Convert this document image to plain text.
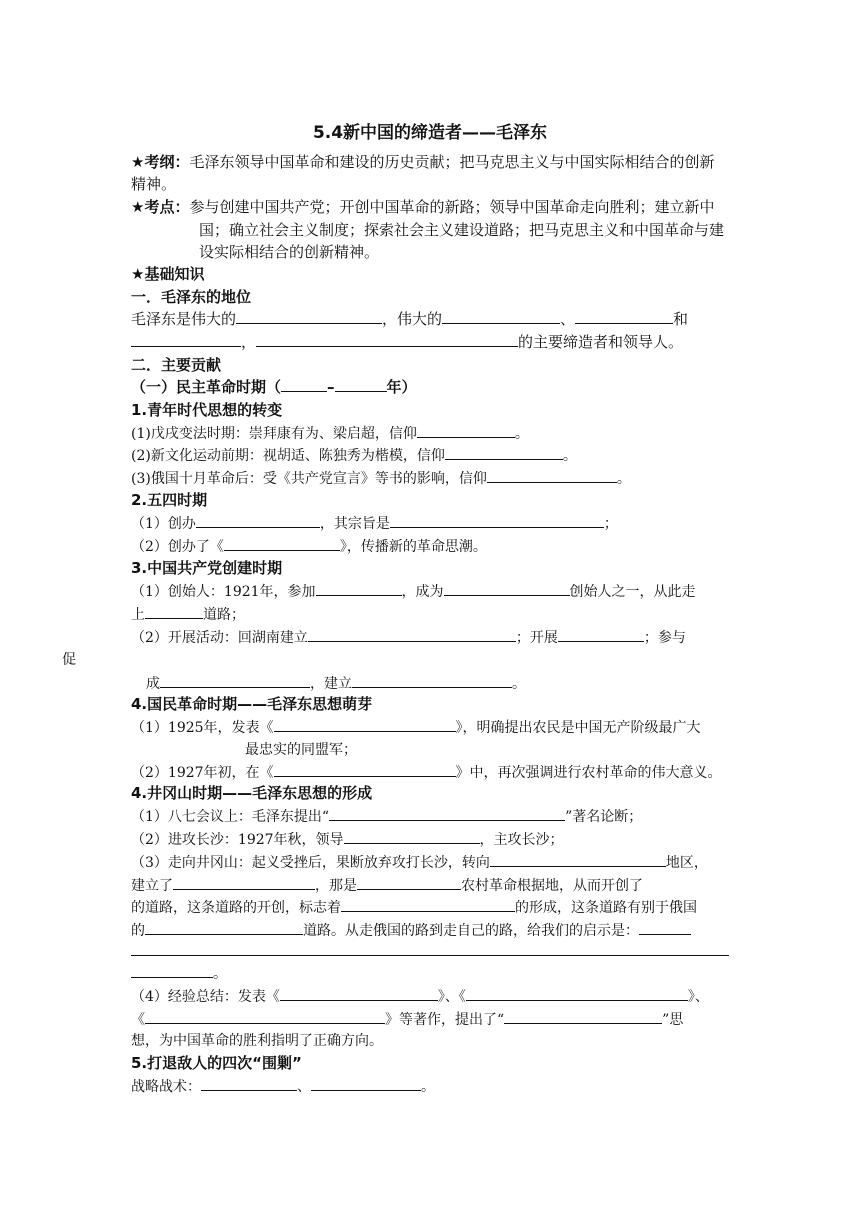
5.4新中国的缔造者——毛泽东
★考纲：毛泽东领导中国革命和建设的历史贡献；把马克思主义与中国实际相结合的创新
精神。
★考点：参与创建中国共产党；开创中国革命的新路；领导中国革命走向胜利；建立新中
国；确立社会主义制度；探索社会主义建设道路；把马克思主义和中国革命与建
设实际相结合的创新精神。
★基础知识
一．毛泽东的地位
毛泽东是伟大的	，伟大的	、	和
，	的主要缔造者和领导人。
二．主要贡献
（一）民主革命时期（	–	年）
1.青年时代思想的转变
(1)戊戌变法时期：崇拜康有为、梁启超，信仰	。
(2)新文化运动前期：视胡适、陈独秀为楷模，信仰	。
(3)俄国十月革命后：受《共产党宣言》等书的影响，信仰	。
2.五四时期
（1）创办	，其宗旨是	；
（2）创办了《	》，传播新的革命思潮。
3.中国共产党创建时期
（1）创始人：1921年，参加	，成为	创始人之一，从此走
上	道路；
（2）开展活动：回湖南建立	；开展	；参与
促
成	，建立	。
4.国民革命时期——毛泽东思想萌芽
（1）1925年，发表《	》，明确提出农民是中国无产阶级最广大
最忠实的同盟军；
（2）1927年初，在《	》中，再次强调进行农村革命的伟大意义。
4.井冈山时期——毛泽东思想的形成
（1）八七会议上：毛泽东提出“	”著名论断；
（2）进攻长沙：1927年秋，领导	，主攻长沙；
（3）走向井冈山：起义受挫后，果断放弃攻打长沙，转向	地区，
建立了	，那是	农村革命根据地，从而开创了
的道路，这条道路的开创，标志着	的形成，这条道路有别于俄国
的	道路。从走俄国的路到走自己的路，给我们的启示是：
。
（4）经验总结：发表《	》、《	》、
《	》等著作，提出了“	”思
想，为中国革命的胜利指明了正确方向。
5.打退敌人的四次“围剿”
战略战术：	、	。
